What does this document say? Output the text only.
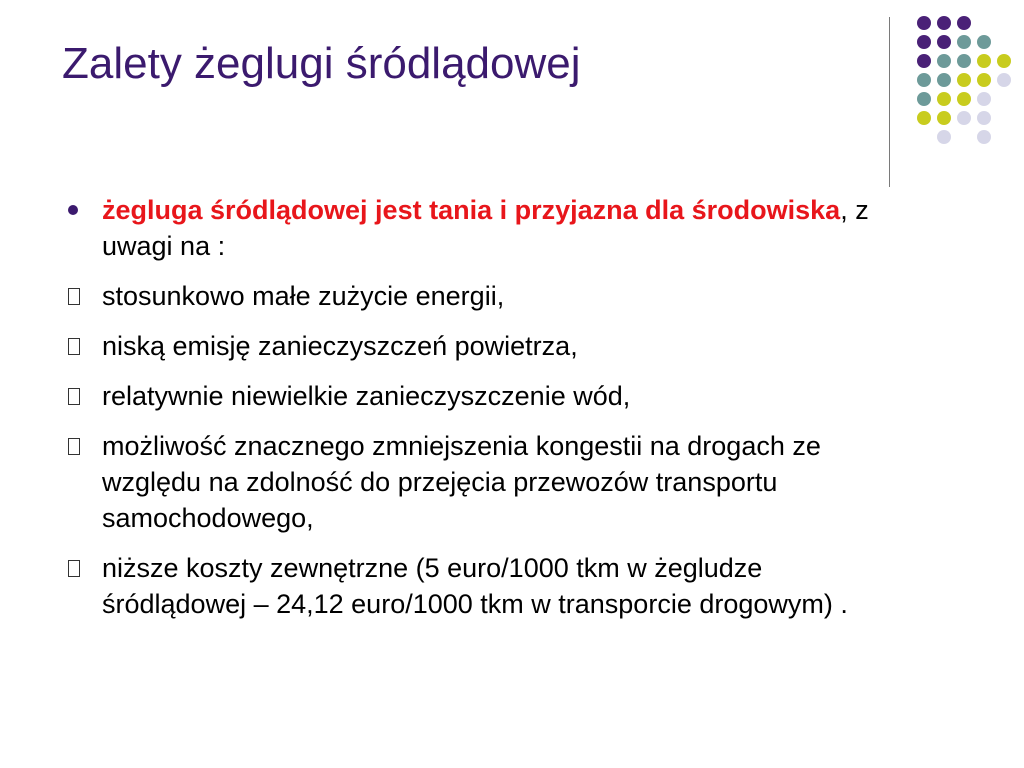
Zalety żeglugi śródlądowej
żegluga śródlądowej jest tania i przyjazna dla środowiska, z uwagi na :
stosunkowo małe zużycie energii,
niską emisję zanieczyszczeń powietrza,
relatywnie niewielkie zanieczyszczenie wód,
możliwość znacznego zmniejszenia kongestii na drogach ze względu na zdolność do przejęcia przewozów transportu samochodowego,
niższe koszty zewnętrzne (5 euro/1000 tkm w żegludze śródlądowej – 24,12 euro/1000 tkm w transporcie drogowym) .
